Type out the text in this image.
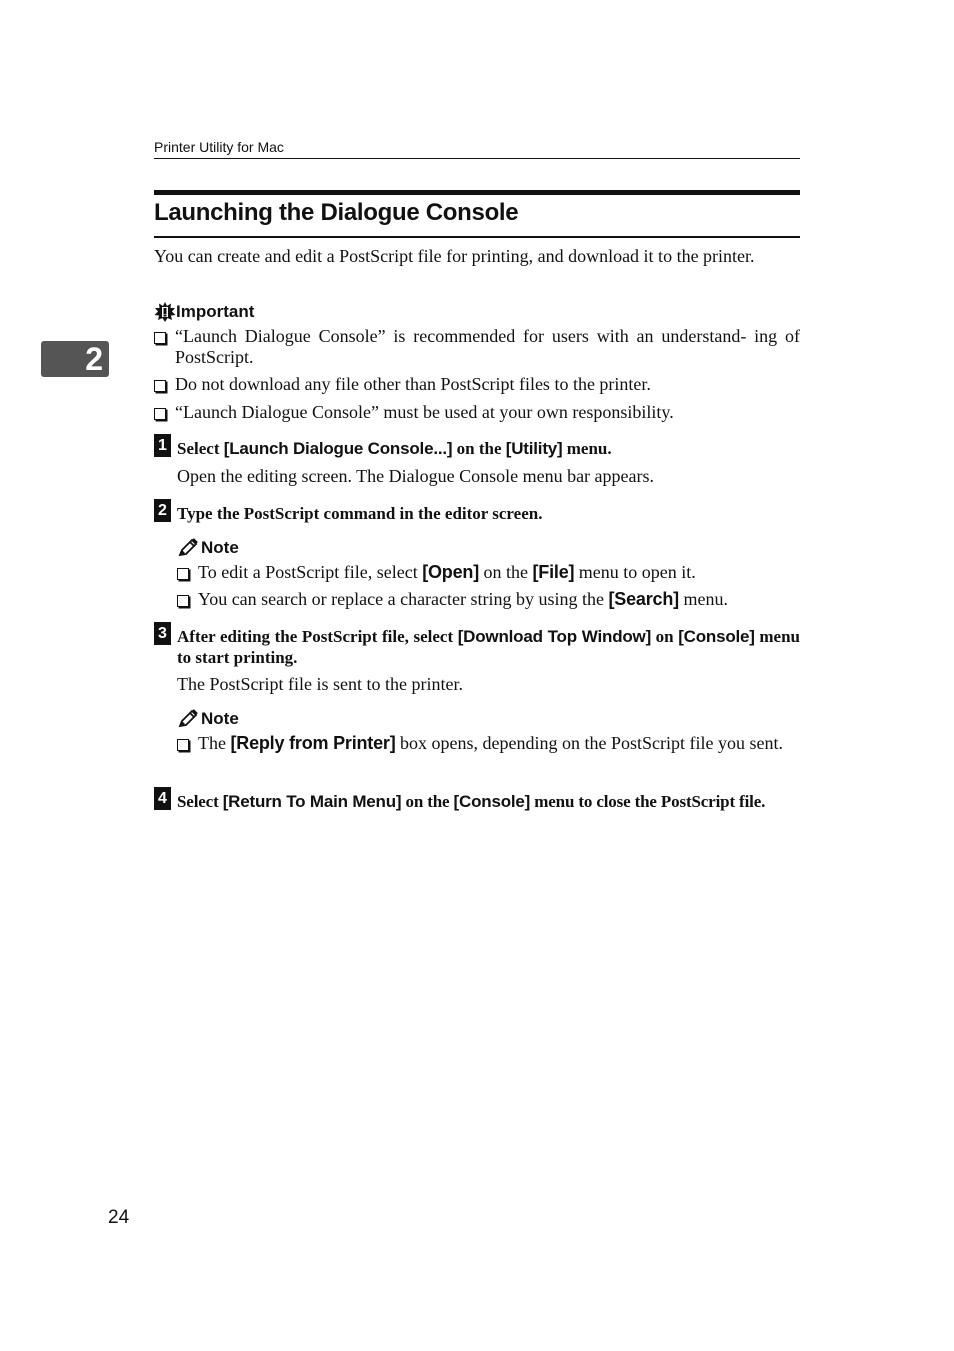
Printer Utility for Mac
2
Launching the Dialogue Console
You can create and edit a PostScript file for printing, and download it to the printer.
Important
“Launch Dialogue Console” is recommended for users with an understand- ing of PostScript.
Do not download any file other than PostScript files to the printer.
“Launch Dialogue Console” must be used at your own responsibility.
1 Select [Launch Dialogue Console...] on the [Utility] menu.
Open the editing screen. The Dialogue Console menu bar appears.
2 Type the PostScript command in the editor screen.
Note
To edit a PostScript file, select [Open] on the [File] menu to open it.
You can search or replace a character string by using the [Search] menu.
3 After editing the PostScript file, select [Download Top Window] on [Console] menu to start printing.
The PostScript file is sent to the printer.
Note
The [Reply from Printer] box opens, depending on the PostScript file you sent.
4 Select [Return To Main Menu] on the [Console] menu to close the PostScript file.
24
